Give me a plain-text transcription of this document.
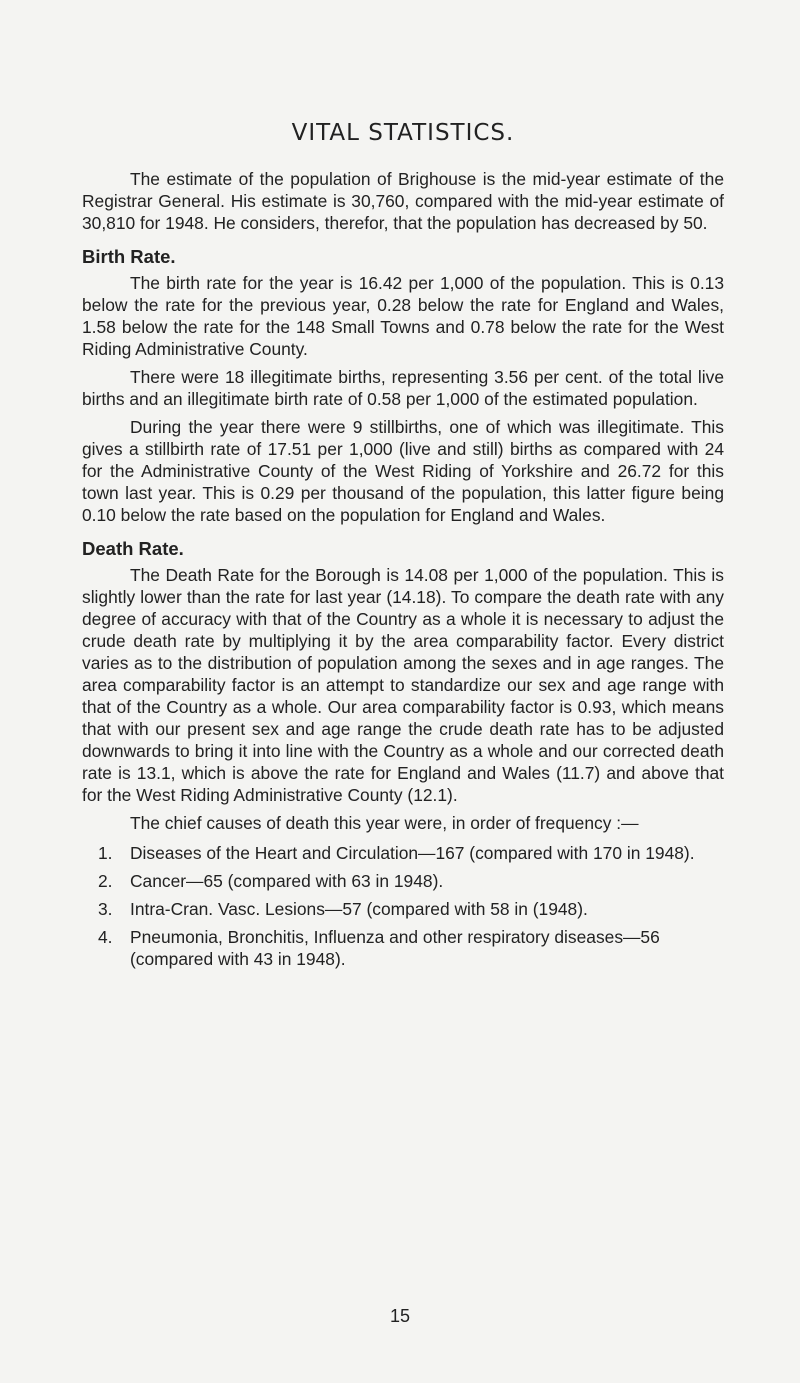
VITAL STATISTICS.

The estimate of the population of Brighouse is the mid-year estimate of the Registrar General. His estimate is 30,760, compared with the mid-year estimate of 30,810 for 1948. He considers, therefor, that the population has decreased by 50.

Birth Rate.

The birth rate for the year is 16.42 per 1,000 of the population. This is 0.13 below the rate for the previous year, 0.28 below the rate for England and Wales, 1.58 below the rate for the 148 Small Towns and 0.78 below the rate for the West Riding Administrative County.

There were 18 illegitimate births, representing 3.56 per cent. of the total live births and an illegitimate birth rate of 0.58 per 1,000 of the estimated population.

During the year there were 9 stillbirths, one of which was illegitimate. This gives a stillbirth rate of 17.51 per 1,000 (live and still) births as compared with 24 for the Administrative County of the West Riding of Yorkshire and 26.72 for this town last year. This is 0.29 per thousand of the population, this latter figure being 0.10 below the rate based on the population for England and Wales.

Death Rate.

The Death Rate for the Borough is 14.08 per 1,000 of the population. This is slightly lower than the rate for last year (14.18). To compare the death rate with any degree of accuracy with that of the Country as a whole it is necessary to adjust the crude death rate by multiplying it by the area comparability factor. Every district varies as to the distribution of population among the sexes and in age ranges. The area comparability factor is an attempt to standardize our sex and age range with that of the Country as a whole. Our area comparability factor is 0.93, which means that with our present sex and age range the crude death rate has to be adjusted downwards to bring it into line with the Country as a whole and our corrected death rate is 13.1, which is above the rate for England and Wales (11.7) and above that for the West Riding Administrative County (12.1).

The chief causes of death this year were, in order of frequency :—

1.	Diseases of the Heart and Circulation—167 (compared with 170 in 1948).
2.	Cancer—65 (compared with 63 in 1948).
3.	Intra-Cran. Vasc. Lesions—57 (compared with 58 in (1948).
4.	Pneumonia, Bronchitis, Influenza and other respiratory diseases—56 (compared with 43 in 1948).
15
